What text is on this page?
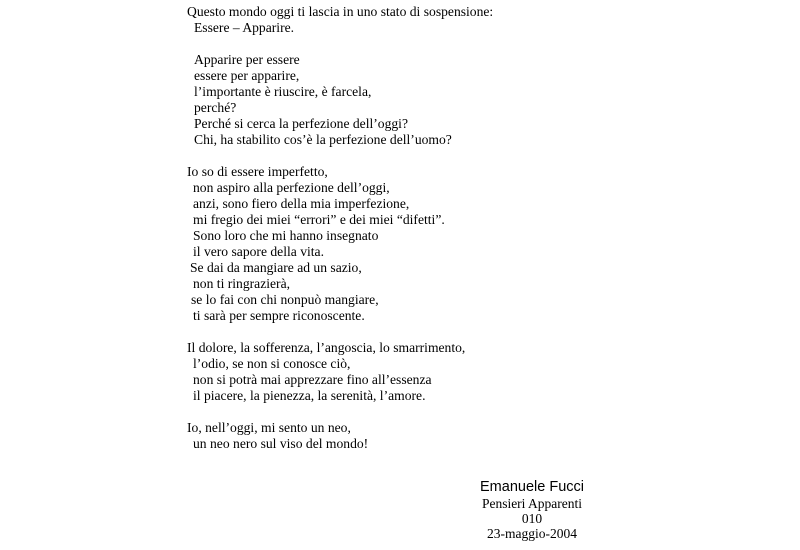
Questo mondo oggi ti lascia in uno stato di sospensione:
Essere – Apparire.
Apparire per essere
essere per apparire,
l’importante è riuscire, è farcela,
perché?
Perché si cerca la perfezione dell’oggi?
Chi, ha stabilito cos’è la perfezione dell’uomo?
Io so di essere imperfetto,
non aspiro alla perfezione dell’oggi,
anzi, sono fiero della mia imperfezione,
mi fregio dei miei “errori” e dei miei “difetti”.
Sono loro che mi hanno insegnato
il vero sapore della vita.
Se dai da mangiare ad un sazio,
non ti ringrazierà,
se lo fai con chi nonpuò mangiare,
ti sarà per sempre riconoscente.
Il dolore, la sofferenza, l’angoscia, lo smarrimento,
l’odio, se non si conosce ciò,
non si potrà mai apprezzare fino all’essenza
il piacere, la pienezza, la serenità, l’amore.
Io, nell’oggi, mi sento un neo,
un neo nero sul viso del mondo!
Emanuele Fucci
Pensieri Apparenti
010
23-maggio-2004
